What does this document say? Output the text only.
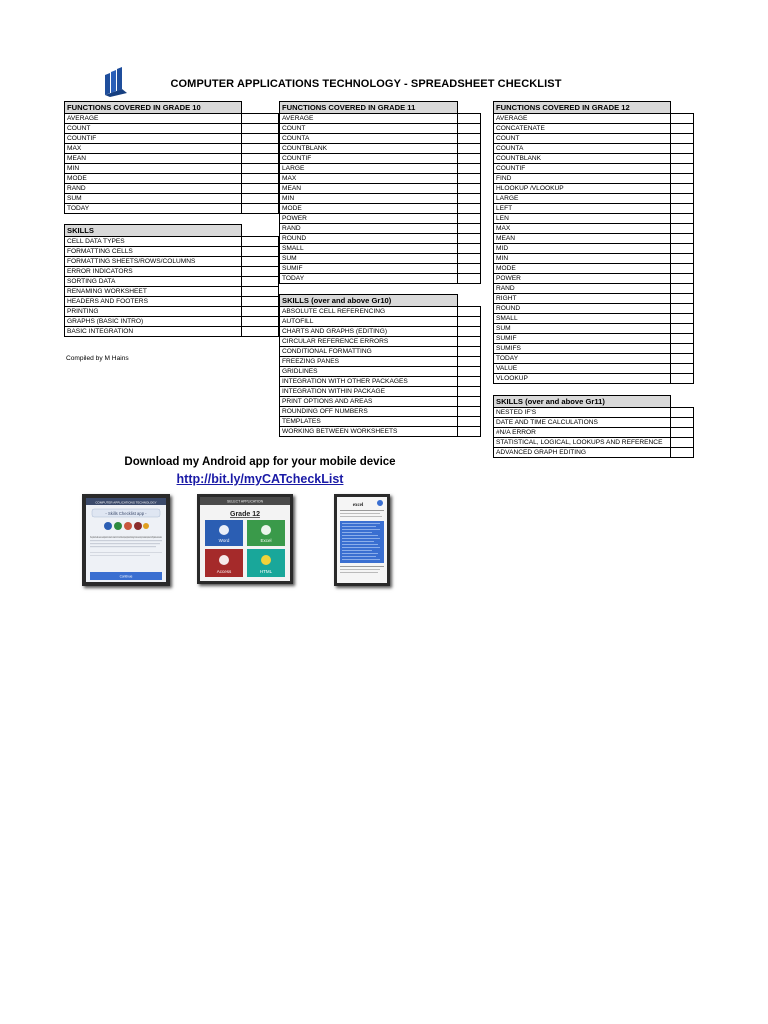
COMPUTER APPLICATIONS TECHNOLOGY - SPREADSHEET CHECKLIST
FUNCTIONS COVERED IN GRADE 10	
AVERAGE	
COUNT	
COUNTIF	
MAX	
MEAN	
MIN	
MODE	
RAND	
SUM	
TODAY	
SKILLS	
CELL DATA TYPES	
FORMATTING CELLS	
FORMATTING SHEETS/ROWS/COLUMNS	
ERROR INDICATORS	
SORTING DATA	
RENAMING WORKSHEET	
HEADERS AND FOOTERS	
PRINTING	
GRAPHS (BASIC INTRO)	
BASIC INTEGRATION	
FUNCTIONS COVERED IN GRADE 11	
AVERAGE	
COUNT	
COUNTA	
COUNTBLANK	
COUNTIF	
LARGE	
MAX	
MEAN	
MIN	
MODE	
POWER	
RAND	
ROUND	
SMALL	
SUM	
SUMIF	
TODAY	
SKILLS (over and above Gr10)	
ABSOLUTE CELL REFERENCING	
AUTOFILL	
CHARTS AND GRAPHS (EDITING)	
CIRCULAR REFERENCE ERRORS	
CONDITIONAL FORMATTING	
FREEZING PANES	
GRIDLINES	
INTEGRATION WITH OTHER PACKAGES	
INTEGRATION WITHIN PACKAGE	
PRINT OPTIONS AND AREAS	
ROUNDING OFF NUMBERS	
TEMPLATES	
WORKING BETWEEN WORKSHEETS	
FUNCTIONS COVERED IN GRADE 12	
AVERAGE	
CONCATENATE	
COUNT	
COUNTA	
COUNTBLANK	
COUNTIF	
FIND	
HLOOKUP /VLOOKUP	
LARGE	
LEFT	
LEN	
MAX	
MEAN	
MID	
MIN	
MODE	
POWER	
RAND	
RIGHT	
ROUND	
SMALL	
SUM	
SUMIF	
SUMIFS	
TODAY	
VALUE	
VLOOKUP	
SKILLS (over and above Gr11)	
NESTED IF'S	
DATE AND TIME CALCULATIONS	
#N/A ERROR	
STATISTICAL, LOGICAL, LOOKUPS AND REFERENCE	
ADVANCED GRAPH EDITING	
Compiled by M Hains
Download my Android app for your mobile device
http://bit.ly/myCATcheckList
COMPUTER APPLICATIONS TECHNOLOGY
- Skills Checklist app -
This app lists all the skills covered in each application from Grade 10 to Grade 12 for the South African Computer Applications Technology Curriculum according to the Education Department's CAPS guidelines documentation.
Continue
SELECT APPLICATION
Grade 12
Word	Excel
Access	HTML
excel
